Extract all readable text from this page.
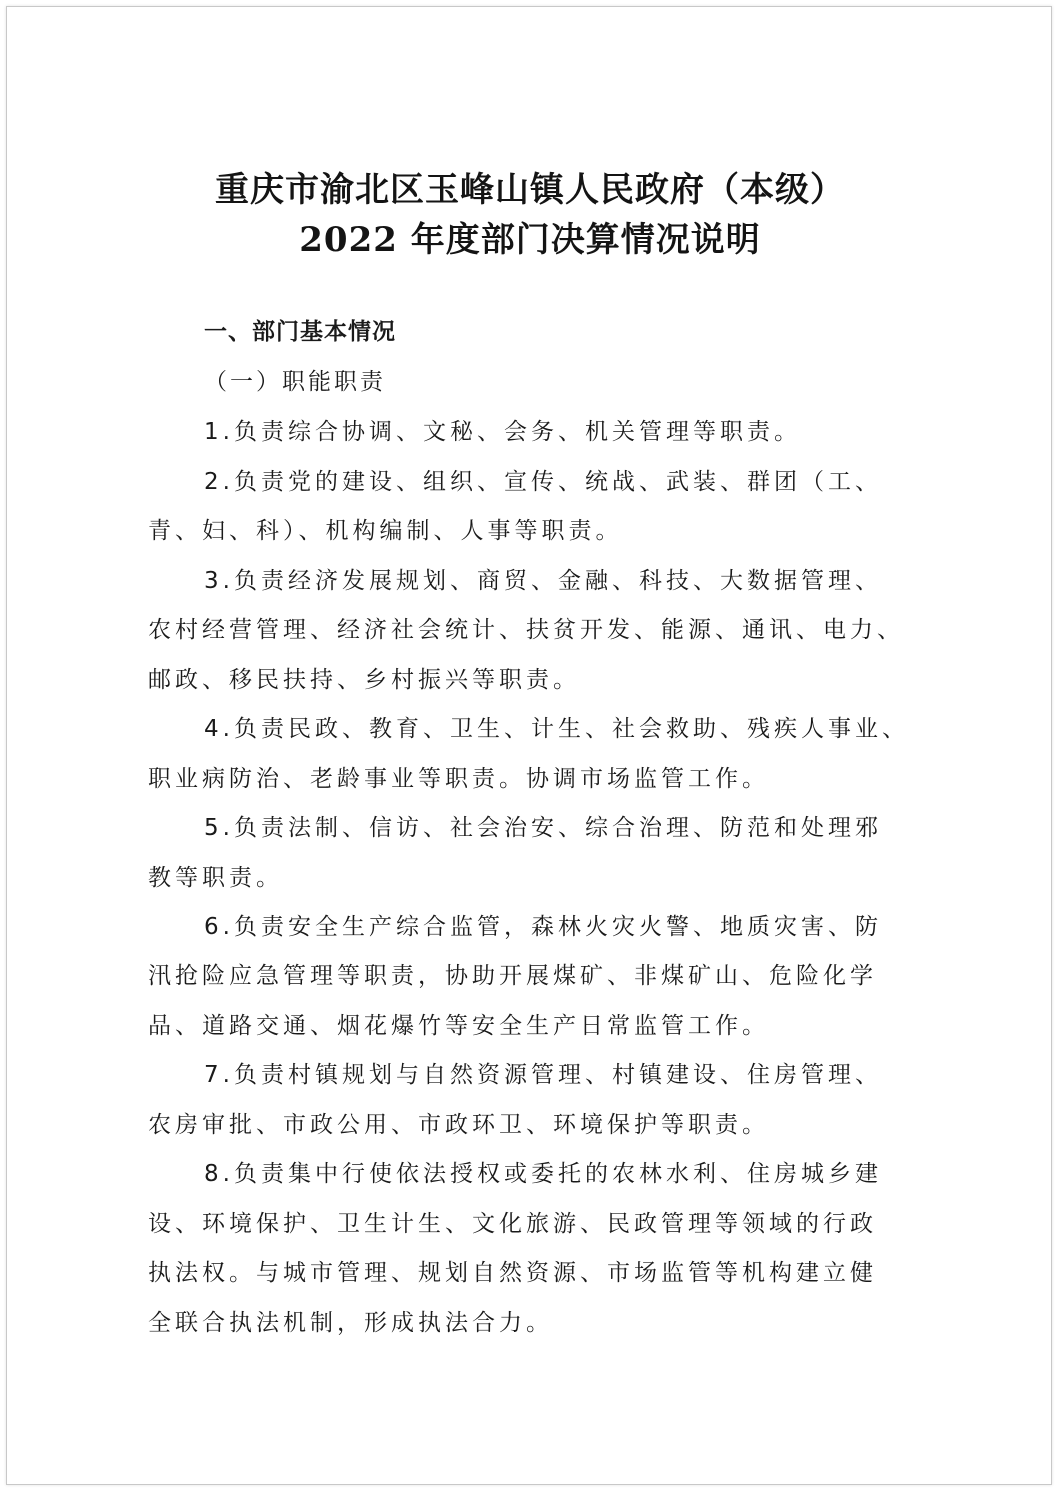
重庆市渝北区玉峰山镇人民政府（本级）
2022 年度部门决算情况说明
一、部门基本情况
（一）职能职责
1.负责综合协调、文秘、会务、机关管理等职责。
2.负责党的建设、组织、宣传、统战、武装、群团（工、
青、妇、科）、机构编制、人事等职责。
3.负责经济发展规划、商贸、金融、科技、大数据管理、
农村经营管理、经济社会统计、扶贫开发、能源、通讯、电力、
邮政、移民扶持、乡村振兴等职责。
4.负责民政、教育、卫生、计生、社会救助、残疾人事业、
职业病防治、老龄事业等职责。协调市场监管工作。
5.负责法制、信访、社会治安、综合治理、防范和处理邪
教等职责。
6.负责安全生产综合监管，森林火灾火警、地质灾害、防
汛抢险应急管理等职责，协助开展煤矿、非煤矿山、危险化学
品、道路交通、烟花爆竹等安全生产日常监管工作。
7.负责村镇规划与自然资源管理、村镇建设、住房管理、
农房审批、市政公用、市政环卫、环境保护等职责。
8.负责集中行使依法授权或委托的农林水利、住房城乡建
设、环境保护、卫生计生、文化旅游、民政管理等领域的行政
执法权。与城市管理、规划自然资源、市场监管等机构建立健
全联合执法机制，形成执法合力。
